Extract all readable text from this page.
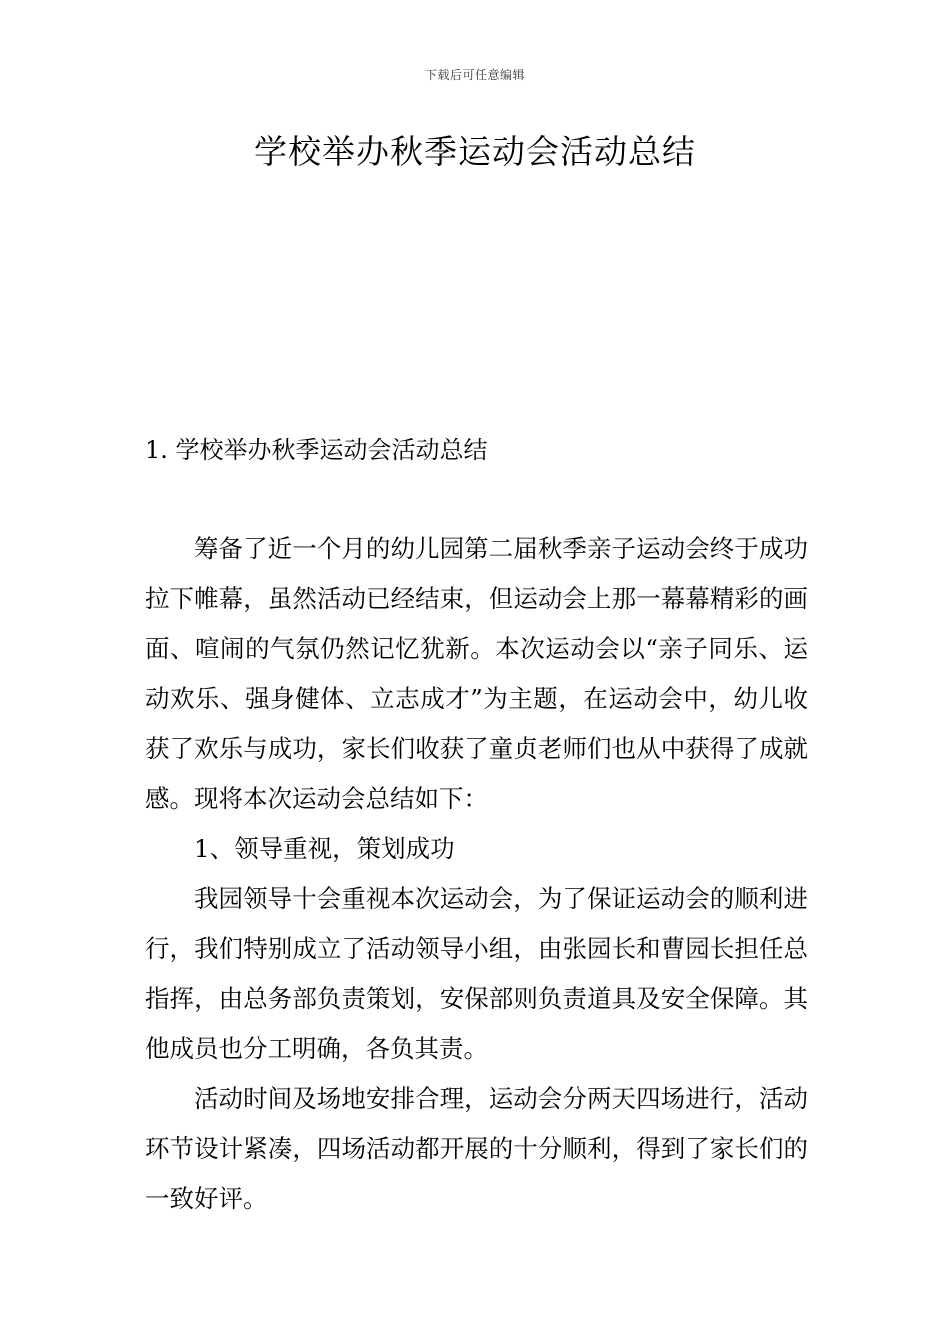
下载后可任意编辑
学校举办秋季运动会活动总结
1. 学校举办秋季运动会活动总结

筹备了近一个月的幼儿园第二届秋季亲子运动会终于成功拉下帷幕，虽然活动已经结束，但运动会上那一幕幕精彩的画面、喧闹的气氛仍然记忆犹新。本次运动会以“亲子同乐、运动欢乐、强身健体、立志成才”为主题，在运动会中，幼儿收获了欢乐与成功，家长们收获了童贞老师们也从中获得了成就感。现将本次运动会总结如下：

1、领导重视，策划成功

我园领导十会重视本次运动会，为了保证运动会的顺利进行，我们特别成立了活动领导小组，由张园长和曹园长担任总指挥，由总务部负责策划，安保部则负责道具及安全保障。其他成员也分工明确，各负其责。

活动时间及场地安排合理，运动会分两天四场进行，活动环节设计紧凑，四场活动都开展的十分顺利，得到了家长们的一致好评。
